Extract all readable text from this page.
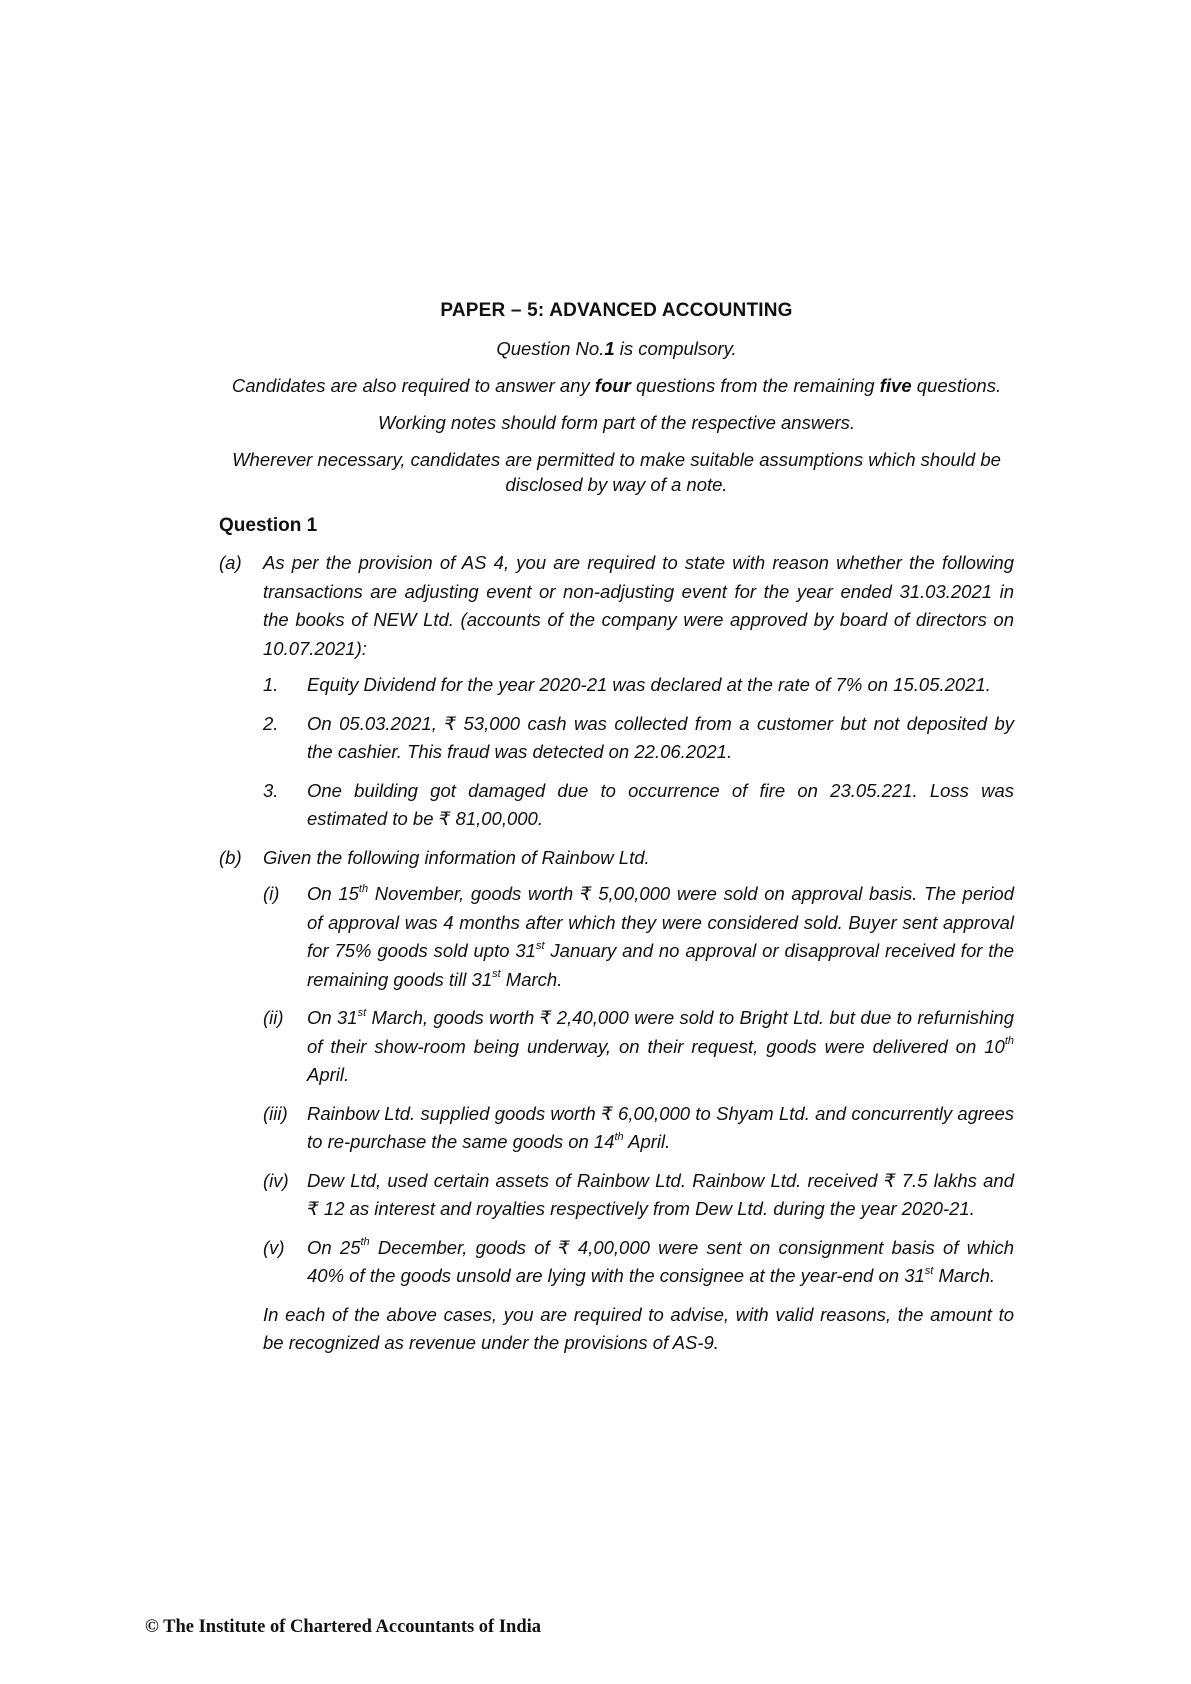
PAPER – 5: ADVANCED ACCOUNTING
Question No.1 is compulsory.
Candidates are also required to answer any four questions from the remaining five questions.
Working notes should form part of the respective answers.
Wherever necessary, candidates are permitted to make suitable assumptions which should be disclosed by way of a note.
Question 1
(a) As per the provision of AS 4, you are required to state with reason whether the following transactions are adjusting event or non-adjusting event for the year ended 31.03.2021 in the books of NEW Ltd. (accounts of the company were approved by board of directors on 10.07.2021):
1. Equity Dividend for the year 2020-21 was declared at the rate of 7% on 15.05.2021.
2. On 05.03.2021, ₹ 53,000 cash was collected from a customer but not deposited by the cashier. This fraud was detected on 22.06.2021.
3. One building got damaged due to occurrence of fire on 23.05.221. Loss was estimated to be ₹ 81,00,000.
(b) Given the following information of Rainbow Ltd.
(i) On 15th November, goods worth ₹ 5,00,000 were sold on approval basis. The period of approval was 4 months after which they were considered sold. Buyer sent approval for 75% goods sold upto 31st January and no approval or disapproval received for the remaining goods till 31st March.
(ii) On 31st March, goods worth ₹ 2,40,000 were sold to Bright Ltd. but due to refurnishing of their show-room being underway, on their request, goods were delivered on 10th April.
(iii) Rainbow Ltd. supplied goods worth ₹ 6,00,000 to Shyam Ltd. and concurrently agrees to re-purchase the same goods on 14th April.
(iv) Dew Ltd, used certain assets of Rainbow Ltd. Rainbow Ltd. received ₹ 7.5 lakhs and ₹ 12 as interest and royalties respectively from Dew Ltd. during the year 2020-21.
(v) On 25th December, goods of ₹ 4,00,000 were sent on consignment basis of which 40% of the goods unsold are lying with the consignee at the year-end on 31st March.
In each of the above cases, you are required to advise, with valid reasons, the amount to be recognized as revenue under the provisions of AS-9.
© The Institute of Chartered Accountants of India
